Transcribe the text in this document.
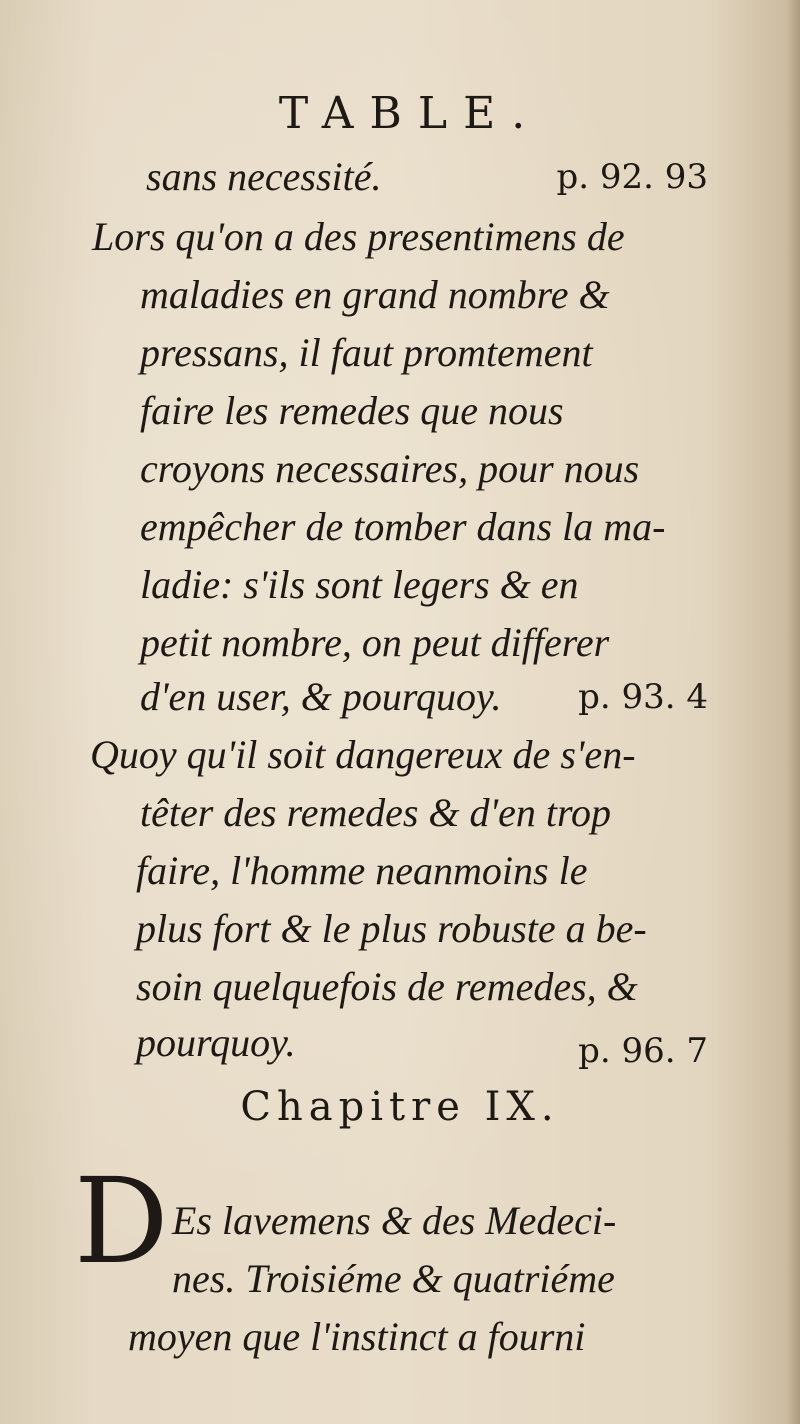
TABLE.
sans necessité.	p. 92. 93
Lors qu'on a des presentimens de
maladies en grand nombre &
pressans, il faut promtement
faire les remedes que nous
croyons necessaires, pour nous
empêcher de tomber dans la ma-
ladie: s'ils sont legers & en
petit nombre, on peut differer
d'en user, & pourquoy. p. 93. 4
Quoy qu'il soit dangereux de s'en-
têter des remedes & d'en trop
faire, l'homme neanmoins le
plus fort & le plus robuste a be-
soin quelquefois de remedes, &
pourquoy.	p. 96. 7
Chapitre IX.
D Es lavemens & des Medeci-
nes. Troisiéme & quatriéme
moyen que l'instinct a fourni
